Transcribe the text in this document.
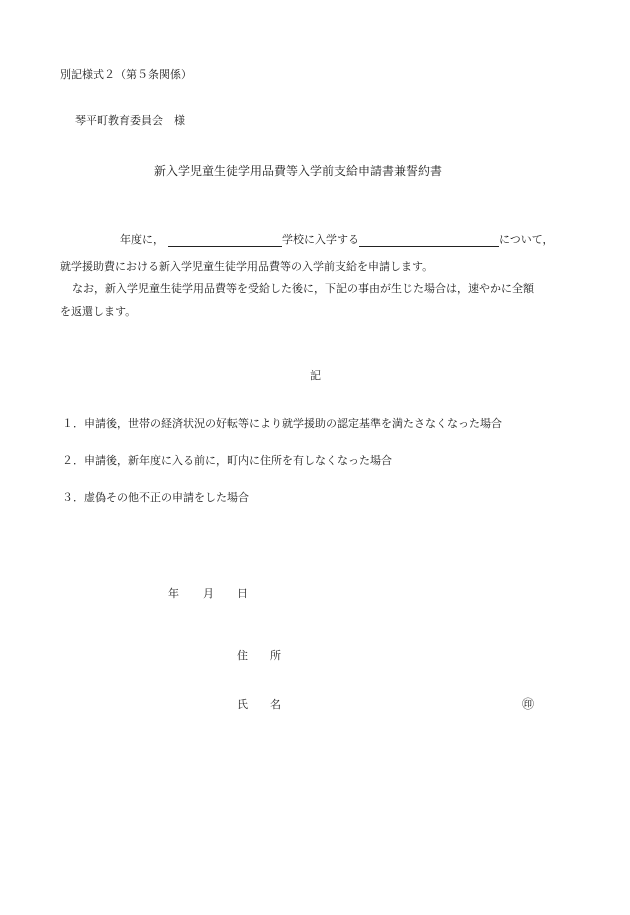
別記様式２（第５条関係）
琴平町教育委員会　様
新入学児童生徒学用品費等入学前支給申請書兼誓約書
年度に，	学校に入学する	について，
就学援助費における新入学児童生徒学用品費等の入学前支給を申請します。
なお，新入学児童生徒学用品費等を受給した後に，下記の事由が生じた場合は，速やかに全額
を返還します。
記
１．申請後，世帯の経済状況の好転等により就学援助の認定基準を満たさなくなった場合
２．申請後，新年度に入る前に，町内に住所を有しなくなった場合
３．虚偽その他不正の申請をした場合
年 月 日
住　　所
氏　　名	㊞
